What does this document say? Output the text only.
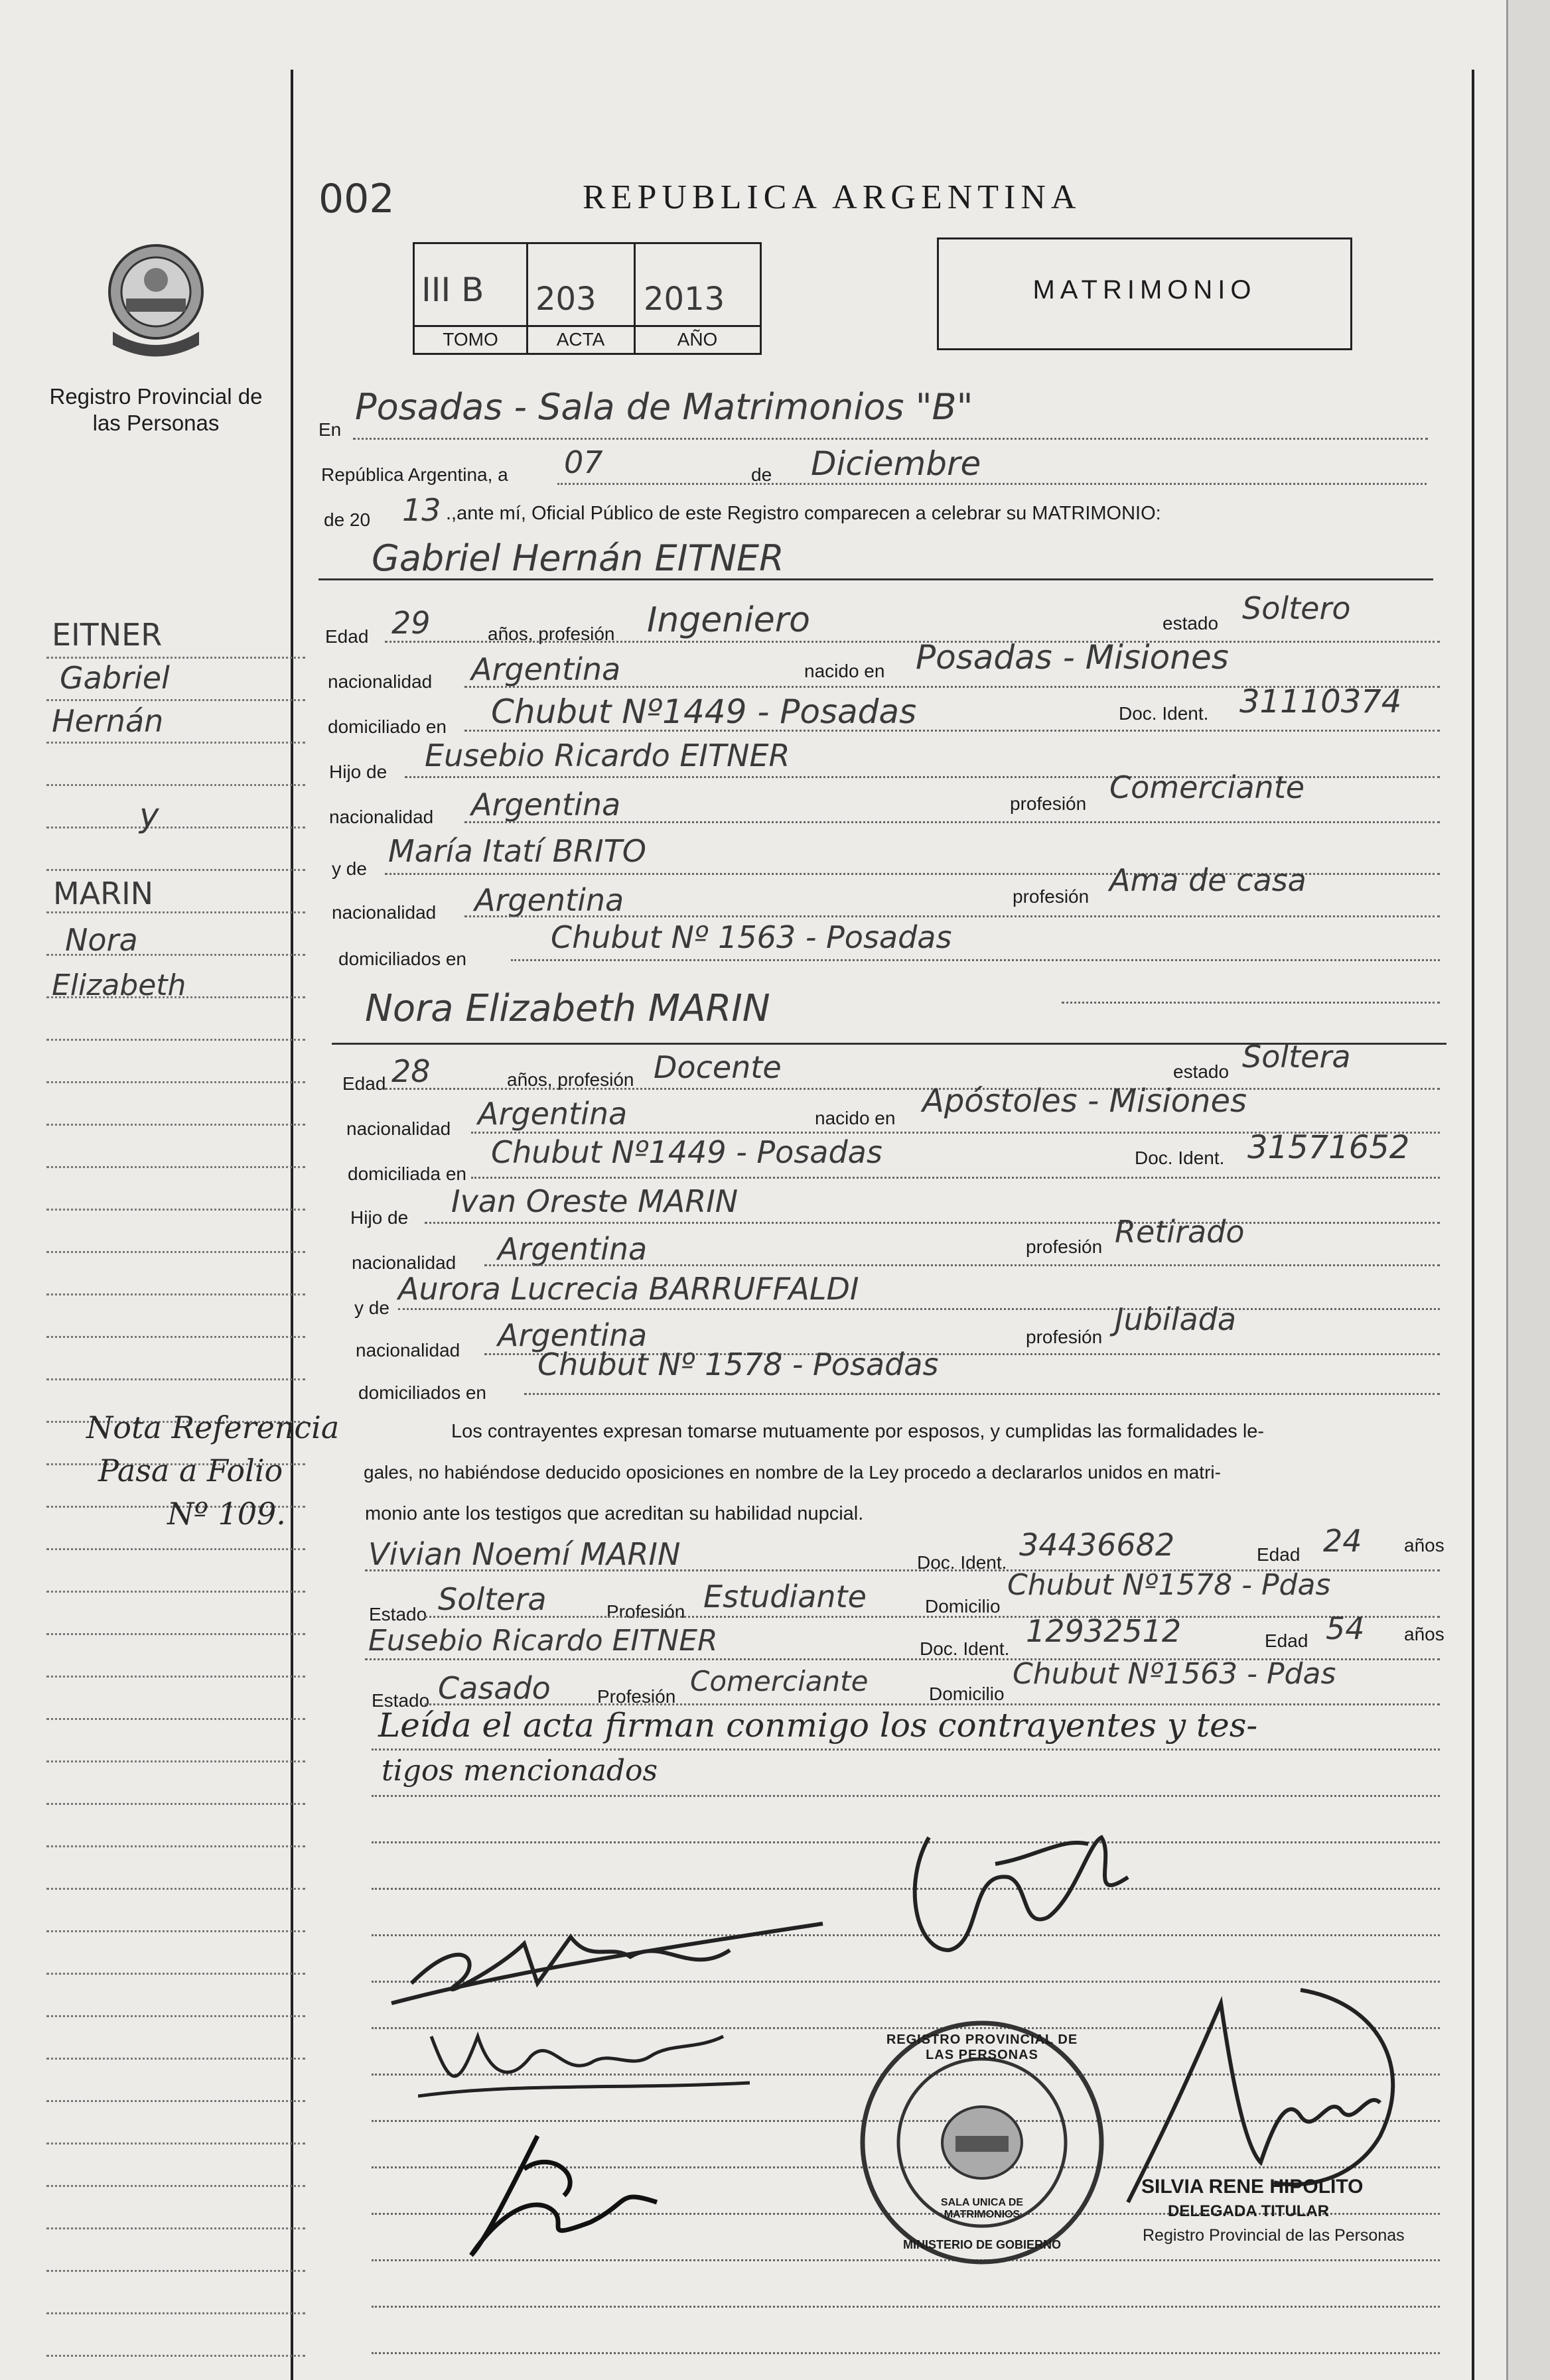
Registro Provincial de las Personas
002	REPUBLICA ARGENTINA
III B 203 2013
TOMO	ACTA	AÑO
MATRIMONIO
EITNER
Gabriel
Hernán
y
MARIN
Nora
Elizabeth
Nota Referencia
Pasa a Folio
Nº 109.
En
Posadas - Sala de Matrimonios "B"
República Argentina, a 07	de Diciembre
de 20 13 .,ante mí, Oficial Público de este Registro comparecen a celebrar su MATRIMONIO:
Gabriel Hernán EITNER
Edad 29	años, profesión Ingeniero	estado Soltero
nacionalidad Argentina	nacido en Posadas - Misiones
domiciliado en Chubut Nº1449 - Posadas	Doc. Ident. 31110374
Hijo de Eusebio Ricardo EITNER
nacionalidad Argentina	profesión Comerciante
y de María Itatí BRITO
nacionalidad Argentina	profesión Ama de casa
domiciliados en
Chubut Nº 1563 - Posadas
Nora Elizabeth MARIN
Edad 28	años, profesión Docente	estado Soltera
nacionalidad Argentina	nacido en Apóstoles - Misiones
domiciliada en
Chubut Nº1449 - Posadas	Doc. Ident. 31571652
Hijo de Ivan Oreste MARIN
nacionalidad Argentina	profesión Retirado
y de
Aurora Lucrecia BARRUFFALDI
nacionalidad Argentina	profesión Jubilada
domiciliados en
Chubut Nº 1578 - Posadas
Los contrayentes expresan tomarse mutuamente por esposos, y cumplidas las formalidades le-
gales, no habiéndose deducido oposiciones en nombre de la Ley procedo a declararlos unidos en matri-
monio ante los testigos que acreditan su habilidad nupcial.
Vivian Noemí MARIN	Doc. Ident. 34436682	Edad 24 años
Estado Soltera	Profesión Estudiante	Domicilio
Chubut Nº1578 - Pdas
Eusebio Ricardo EITNER	Doc. Ident. 12932512	Edad 54 años
Estado Casado	Profesión Comerciante	Domicilio
Chubut Nº1563 - Pdas
Leída el acta firman conmigo los contrayentes y tes-
tigos mencionados
REGISTRO PROVINCIAL DE LAS PERSONAS
SALA UNICA DE MATRIMONIOS
MINISTERIO DE GOBIERNO
SILVIA RENE HIPOLITO
DELEGADA TITULAR
Registro Provincial de las Personas
